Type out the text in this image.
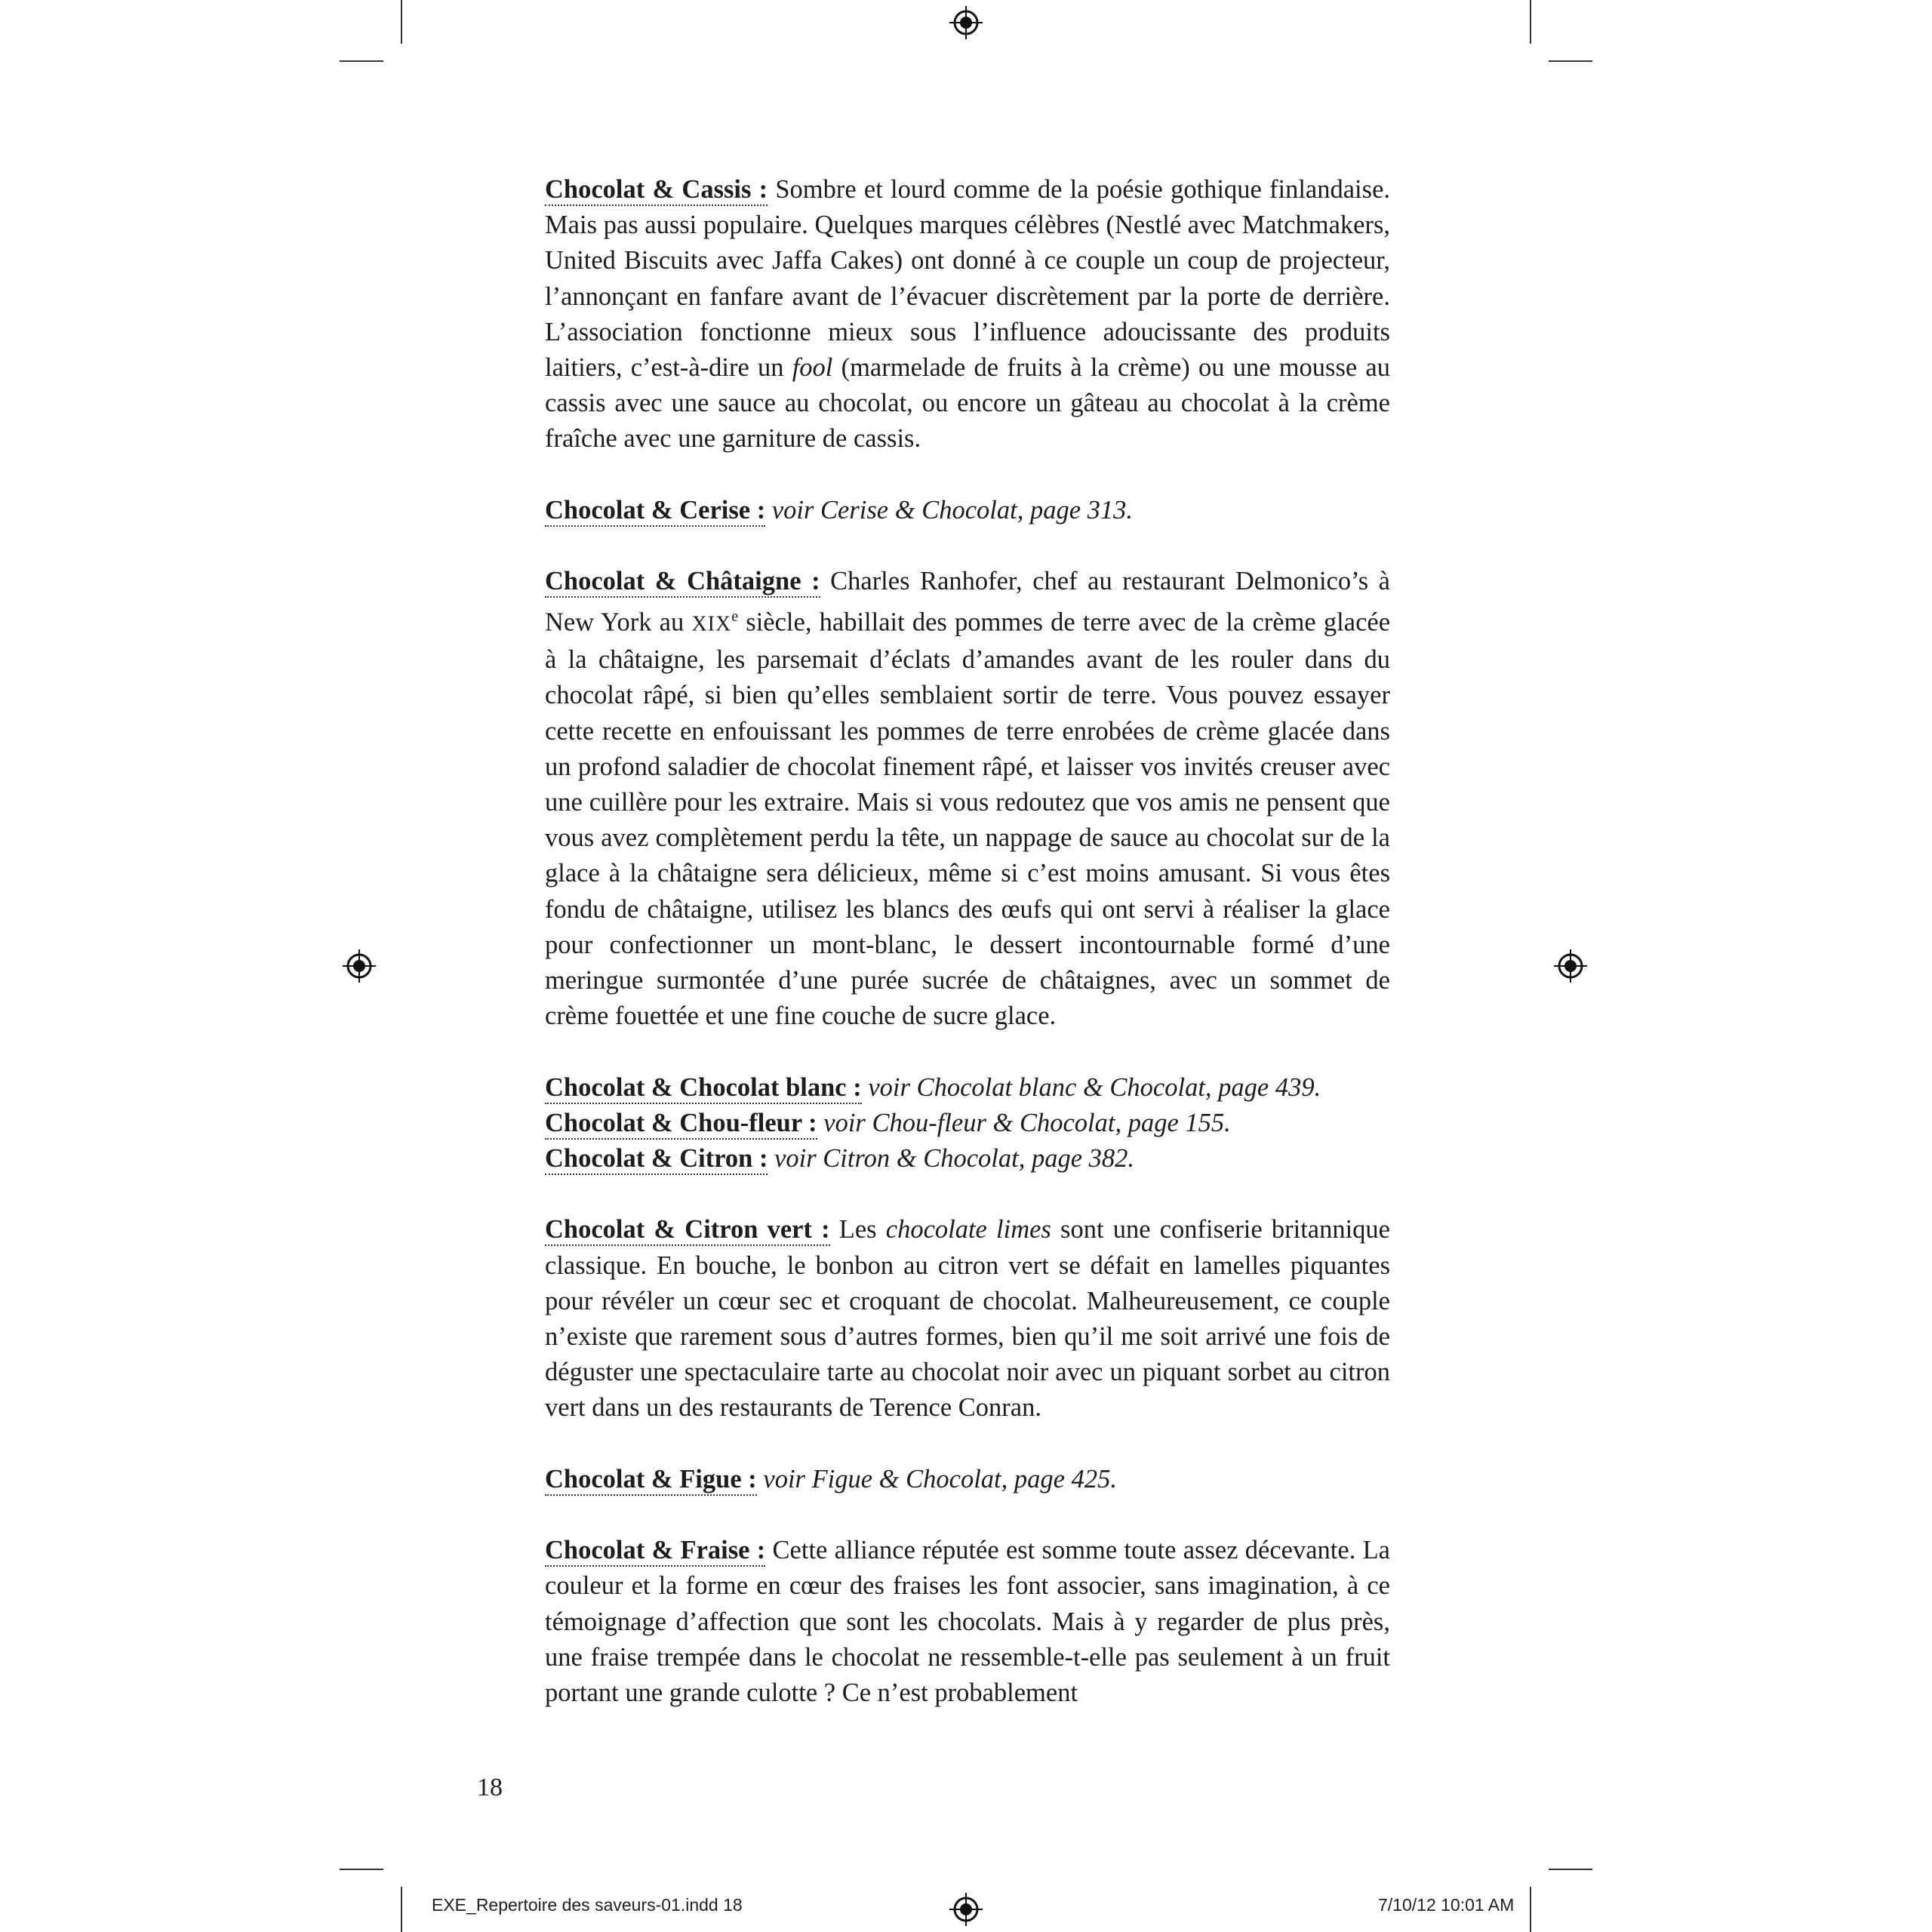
Chocolat & Cassis : Sombre et lourd comme de la poésie gothique finlandaise. Mais pas aussi populaire. Quelques marques célèbres (Nestlé avec Matchmakers, United Biscuits avec Jaffa Cakes) ont donné à ce couple un coup de projecteur, l’annonçant en fanfare avant de l’évacuer discrètement par la porte de derrière. L’association fonctionne mieux sous l’influence adoucissante des produits laitiers, c’est-à-dire un fool (marmelade de fruits à la crème) ou une mousse au cassis avec une sauce au chocolat, ou encore un gâteau au chocolat à la crème fraîche avec une garniture de cassis.

Chocolat & Cerise : voir Cerise & Chocolat, page 313.

Chocolat & Châtaigne : Charles Ranhofer, chef au restaurant Delmonico’s à New York au XIXe siècle, habillait des pommes de terre avec de la crème glacée à la châtaigne, les parsemait d’éclats d’amandes avant de les rouler dans du chocolat râpé, si bien qu’elles semblaient sortir de terre. Vous pouvez essayer cette recette en enfouissant les pommes de terre enrobées de crème glacée dans un profond saladier de chocolat finement râpé, et laisser vos invités creuser avec une cuillère pour les extraire. Mais si vous redoutez que vos amis ne pensent que vous avez complètement perdu la tête, un nappage de sauce au chocolat sur de la glace à la châtaigne sera délicieux, même si c’est moins amusant. Si vous êtes fondu de châtaigne, utilisez les blancs des œufs qui ont servi à réaliser la glace pour confectionner un mont-blanc, le dessert incontournable formé d’une meringue surmontée d’une purée sucrée de châtaignes, avec un sommet de crème fouettée et une fine couche de sucre glace.

Chocolat & Chocolat blanc : voir Chocolat blanc & Chocolat, page 439.

Chocolat & Chou-fleur : voir Chou-fleur & Chocolat, page 155.

Chocolat & Citron : voir Citron & Chocolat, page 382.

Chocolat & Citron vert : Les chocolate limes sont une confiserie britannique classique. En bouche, le bonbon au citron vert se défait en lamelles piquantes pour révéler un cœur sec et croquant de chocolat. Malheureusement, ce couple n’existe que rarement sous d’autres formes, bien qu’il me soit arrivé une fois de déguster une spectaculaire tarte au chocolat noir avec un piquant sorbet au citron vert dans un des restaurants de Terence Conran.

Chocolat & Figue : voir Figue & Chocolat, page 425.

Chocolat & Fraise : Cette alliance réputée est somme toute assez décevante. La couleur et la forme en cœur des fraises les font associer, sans imagination, à ce témoignage d’affection que sont les chocolats. Mais à y regarder de plus près, une fraise trempée dans le chocolat ne ressemble-t-elle pas seulement à un fruit portant une grande culotte ? Ce n’est probablement

18
EXE_Repertoire des saveurs-01.indd 18	7/10/12 10:01 AM
